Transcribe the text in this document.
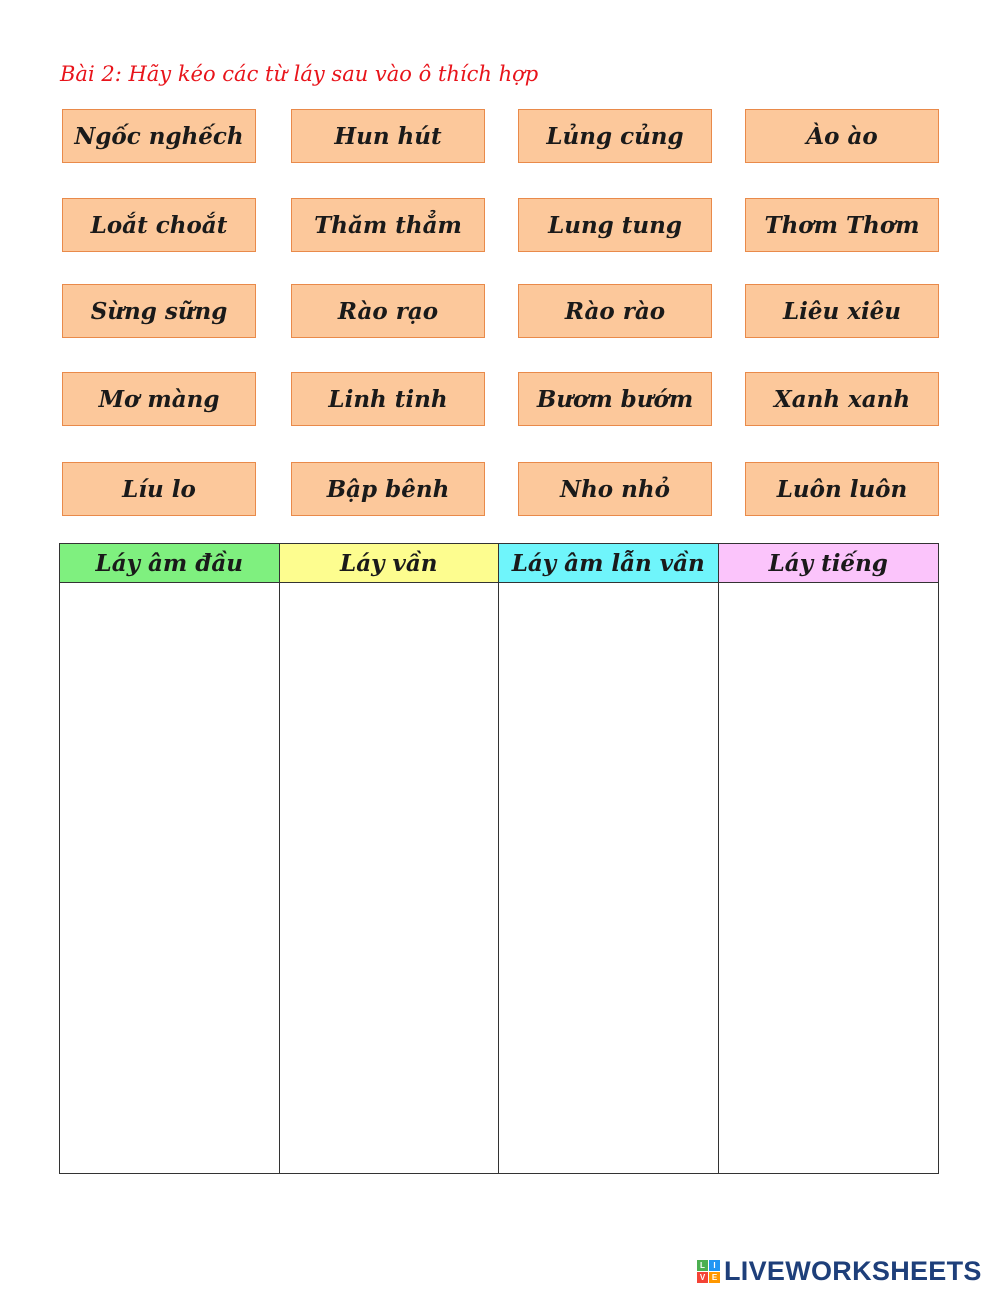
Bài 2: Hãy kéo các từ láy sau vào ô thích hợp
Ngốc nghếch	Hun hút	Lủng củng	Ào ào
Loắt choắt	Thăm thẳm	Lung tung	Thơm Thơm
Sừng sững	Rào rạo	Rào rào	Liêu xiêu
Mơ màng	Linh tinh	Bươm bướm	Xanh xanh
Líu lo	Bập bênh	Nho nhỏ	Luôn luôn
Láy âm đầu	Láy vần	Láy âm lẫn vần	Láy tiếng
L	I
V E LIVEWORKSHEETS
